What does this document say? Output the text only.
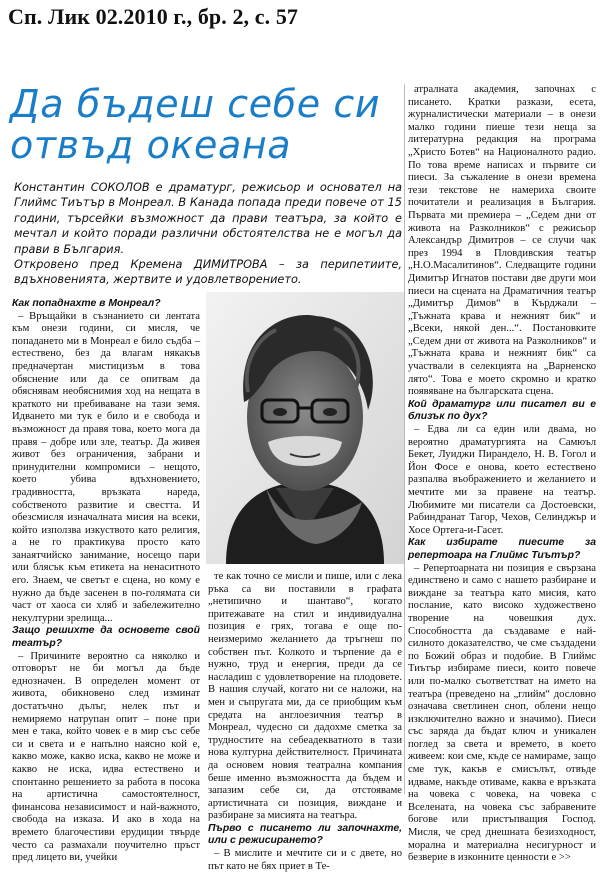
Сп. Лик 02.2010 г., бр. 2, с. 57
Да бъдеш себе си
отвъд океана

Константин СОКОЛОВ е драматург, режисьор и основател на Глиймс Тиътър в Монреал. В Канада попада преди повече от 15 години, търсейки възможност да прави театъра, за който е мечтал и който поради различни обстоятелства не е могъл да прави в България.

Откровено пред Кремена ДИМИТРОВА – за перипетиите, вдъхновенията, жертвите и удовлетворението.

Как попаднахте в Монреал?

– Връщайки в съзнанието си лентата към онези години, си мисля, че попадането ми в Монреал е било съдба – естествено, без да влагам някакъв предначертан мистицизъм в това обяснение или да се опитвам да обяснявам необяснимия ход на нещата в краткото ни пребиваване на тази земя. Идването ми тук е било и е свобода и възможност да правя това, което мога да правя – добре или зле, театър. Да живея живот без ограничения, забрани и принудителни компромиси – нещото, което убива вдъхновението, градивността, връзката нареда, собственото развитие и свестта. И обезсмисля изначалната мисия на всеки, който използва изкуството като религия, а не го практикува просто като занаятчийско занимание, носещо пари или блясък към етикета на ненаситното его. Знаем, че светът е сцена, но кому е нужно да бъде засенен в по-голямата си част от хаоса си хляб и забележително некултурни зрелища...

Защо решихте да основете свой театър?

– Причините вероятно са няколко и отговорът не би могъл да бъде еднозначен. В определен момент от живота, обикновено след изминат достатъчно дълъг, нелек път и немиряемо натрупан опит – поне при мен е така, който човек е в мир със себе си и света и е напълно наясно кой е, какво може, какво иска, какво не може и какво не иска, идва естествено и спонтанно решението за работа в посока на артистична самостоятелност, финансова независимост и най-важното, свобода на изказа. И ако в хода на времето благочестиви ерудиции твърде често са размахали поучително пръст пред лицето ви, учейки

те как точно се мисли и пише, или с лека ръка са ви поставили в графата „нетипично и шантаво“, когато притежавате на стил и индивидуална позиция е грях, тогава е още по-неизмеримо желанието да тръгнеш по собствен път. Колкото и търпение да е нужно, труд и енергия, преди да се насладиш с удовлетворение на плодовете. В нашия случай, когато ни се наложи, на мен и съпругата ми, да се приобщим към средата на англоезичния театър в Монреал, чудесно си дадохме сметка за трудностите на себеадекватното в тази нова културна действителност. Причината да основем новия театрална компания беше именно възможността да бъдем и запазим себе си, да отстояваме артистичната си позиция, виждане и разбиране за мисията на театъра.

Първо с писането ли започнахте, или с режисирането?

– В мислите и мечтите си и с двете, но път като не бях приет в Те-

атралната академия, започнах с писането. Кратки разкази, есета, журналистически материали – в онези малко години пиеше тези неща за литературна редакция на програма „Христо Ботев“ на Националното радио. По това време написах и първите си пиеси. За съжаление в онези времена тези текстове не намериха своите почитатели и реализация в България. Първата ми премиера – „Седем дни от живота на Разколников“ с режисьор Александър Димитров – се случи чак през 1994 в Пловдивския театър „Н.О.Масалитинов“. Следващите години Димитър Игнатов постави две други мои пиеси на сцената на Драматичния театър „Димитър Димов“ в Кърджали – „Тъжната крава и нежният бик“ и „Всеки, някой ден...“. Постановките „Седем дни от живота на Разколников“ и „Тъжната крава и нежният бик“ са участвали в селекцията на „Варненско лято“. Това е моето скромно и кратко появяване на българската сцена.

Кой драматург или писател ви е близък по дух?

– Едва ли са един или двама, но вероятно драматургията на Самюъл Бекет, Луиджи Пирандело, Н. В. Гогол и Йон Фосе е онова, което естествено разпалва въображението и желанието и мечтите ми за правене на театър. Любимите ми писатели са Достоевски, Рабиндранат Тагор, Чехов, Селинджър и Хосе Ортега-и-Гасет.

Как избирате пиесите за репертоара на Глиймс Тиътър?

– Репертоарната ни позиция е свързана единствено и само с нашето разбиране и виждане за театъра като мисия, като послание, като високо художествено творение на човешкия дух. Способността да създаваме е най-силното доказателство, че сме създадени по Божий образ и подобие. В Глиймс Тиътър избираме пиеси, които повече или по-малко съответстват на името на театъра (преведено на „глийм“ дословно означава светлинен сноп, облени нещо изключително важно и значимо). Пиеси със заряда да бъдат ключ и уникален поглед за света и времето, в което живеем: кои сме, къде се намираме, защо сме тук, какъв е смисълът, отвъде идваме, накъде отиваме, каква е връзката на човека с човека, на човека с Вселената, на човека със забравените богове или пристъпващия Господ. Мисля, че сред днешната безизходност, морална и материална несигурност и безверие в изконните ценности е >>
